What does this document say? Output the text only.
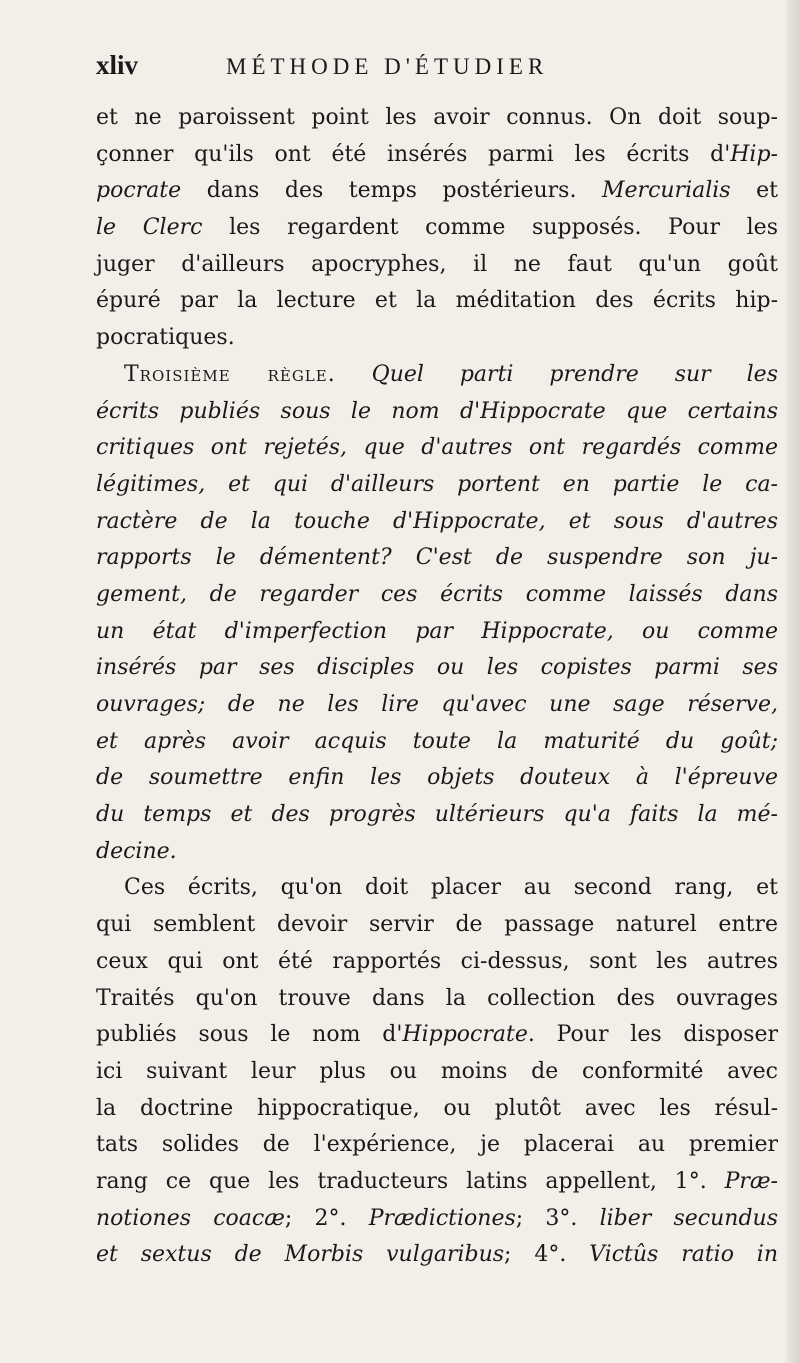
xliv	MÉTHODE D'ÉTUDIER
et ne paroissent point les avoir connus. On doit soup-
çonner qu'ils ont été insérés parmi les écrits d'Hip-
pocrate dans des temps postérieurs. Mercurialis et
le Clerc les regardent comme supposés. Pour les
juger d'ailleurs apocryphes, il ne faut qu'un goût
épuré par la lecture et la méditation des écrits hip-
pocratiques.
Troisième règle. Quel parti prendre sur les
écrits publiés sous le nom d'Hippocrate que certains
critiques ont rejetés, que d'autres ont regardés comme
légitimes, et qui d'ailleurs portent en partie le ca-
ractère de la touche d'Hippocrate, et sous d'autres
rapports le démentent? C'est de suspendre son ju-
gement, de regarder ces écrits comme laissés dans
un état d'imperfection par Hippocrate, ou comme
insérés par ses disciples ou les copistes parmi ses
ouvrages; de ne les lire qu'avec une sage réserve,
et après avoir acquis toute la maturité du goût;
de soumettre enfin les objets douteux à l'épreuve
du temps et des progrès ultérieurs qu'a faits la mé-
decine.
Ces écrits, qu'on doit placer au second rang, et
qui semblent devoir servir de passage naturel entre
ceux qui ont été rapportés ci-dessus, sont les autres
Traités qu'on trouve dans la collection des ouvrages
publiés sous le nom d'Hippocrate. Pour les disposer
ici suivant leur plus ou moins de conformité avec
la doctrine hippocratique, ou plutôt avec les résul-
tats solides de l'expérience, je placerai au premier
rang ce que les traducteurs latins appellent, 1°. Præ-
notiones coacæ; 2°. Prædictiones; 3°. liber secundus
et sextus de Morbis vulgaribus; 4°. Victûs ratio in
